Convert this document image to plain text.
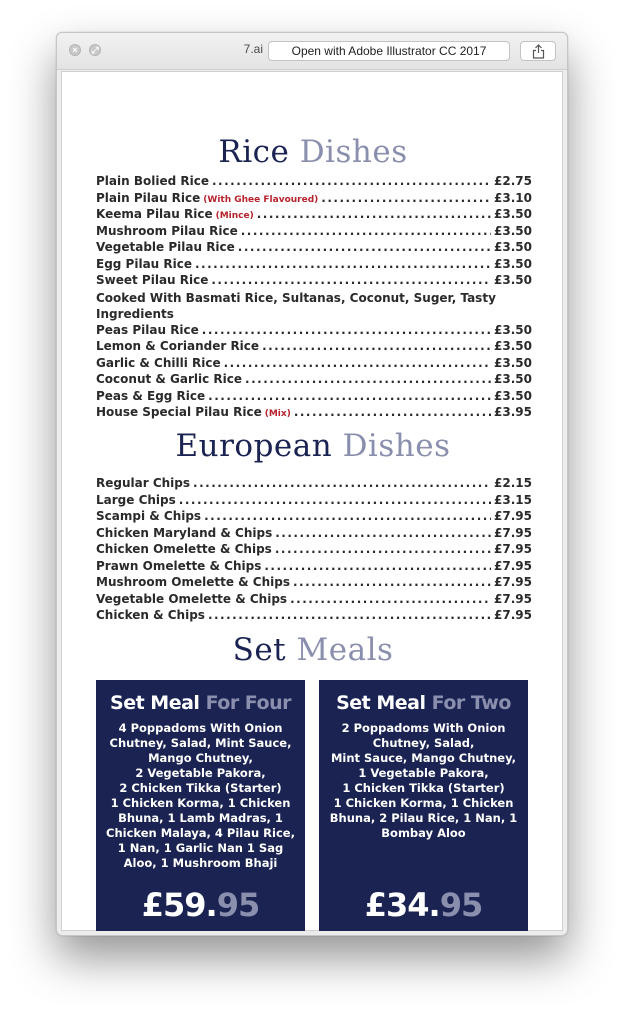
×	⤢	7.ai	Open with Adobe Illustrator CC 2017
Rice Dishes
Plain Bolied Rice .....	£2.75
Plain Pilau Rice (With Ghee Flavoured) .....	£3.10
Keema Pilau Rice (Mince) .....	£3.50
Mushroom Pilau Rice .....	£3.50
Vegetable Pilau Rice .....	£3.50
Egg Pilau Rice .....	£3.50
Sweet Pilau Rice .....	£3.50
Cooked With Basmati Rice, Sultanas, Coconut, Suger, Tasty Ingredients
Peas Pilau Rice .....	£3.50
Lemon & Coriander Rice .....	£3.50
Garlic & Chilli Rice .....	£3.50
Coconut & Garlic Rice .....	£3.50
Peas & Egg Rice .....	£3.50
House Special Pilau Rice (Mix) .....	£3.95
European Dishes
Regular Chips .....	£2.15
Large Chips .....	£3.15
Scampi & Chips .....	£7.95
Chicken Maryland & Chips .....	£7.95
Chicken Omelette & Chips .....	£7.95
Prawn Omelette & Chips .....	£7.95
Mushroom Omelette & Chips .....	£7.95
Vegetable Omelette & Chips .....	£7.95
Chicken & Chips .....	£7.95
Set Meals
Set Meal For Four
4 Poppadoms With Onion
Chutney, Salad, Mint Sauce,
Mango Chutney,
2 Vegetable Pakora,
2 Chicken Tikka (Starter)
1 Chicken Korma, 1 Chicken
Bhuna, 1 Lamb Madras, 1
Chicken Malaya, 4 Pilau Rice,
1 Nan, 1 Garlic Nan 1 Sag
Aloo, 1 Mushroom Bhaji
£59.95
Set Meal For Two
2 Poppadoms With Onion
Chutney, Salad,
Mint Sauce, Mango Chutney,
1 Vegetable Pakora,
1 Chicken Tikka (Starter)
1 Chicken Korma, 1 Chicken
Bhuna, 2 Pilau Rice, 1 Nan, 1
Bombay Aloo
£34.95
